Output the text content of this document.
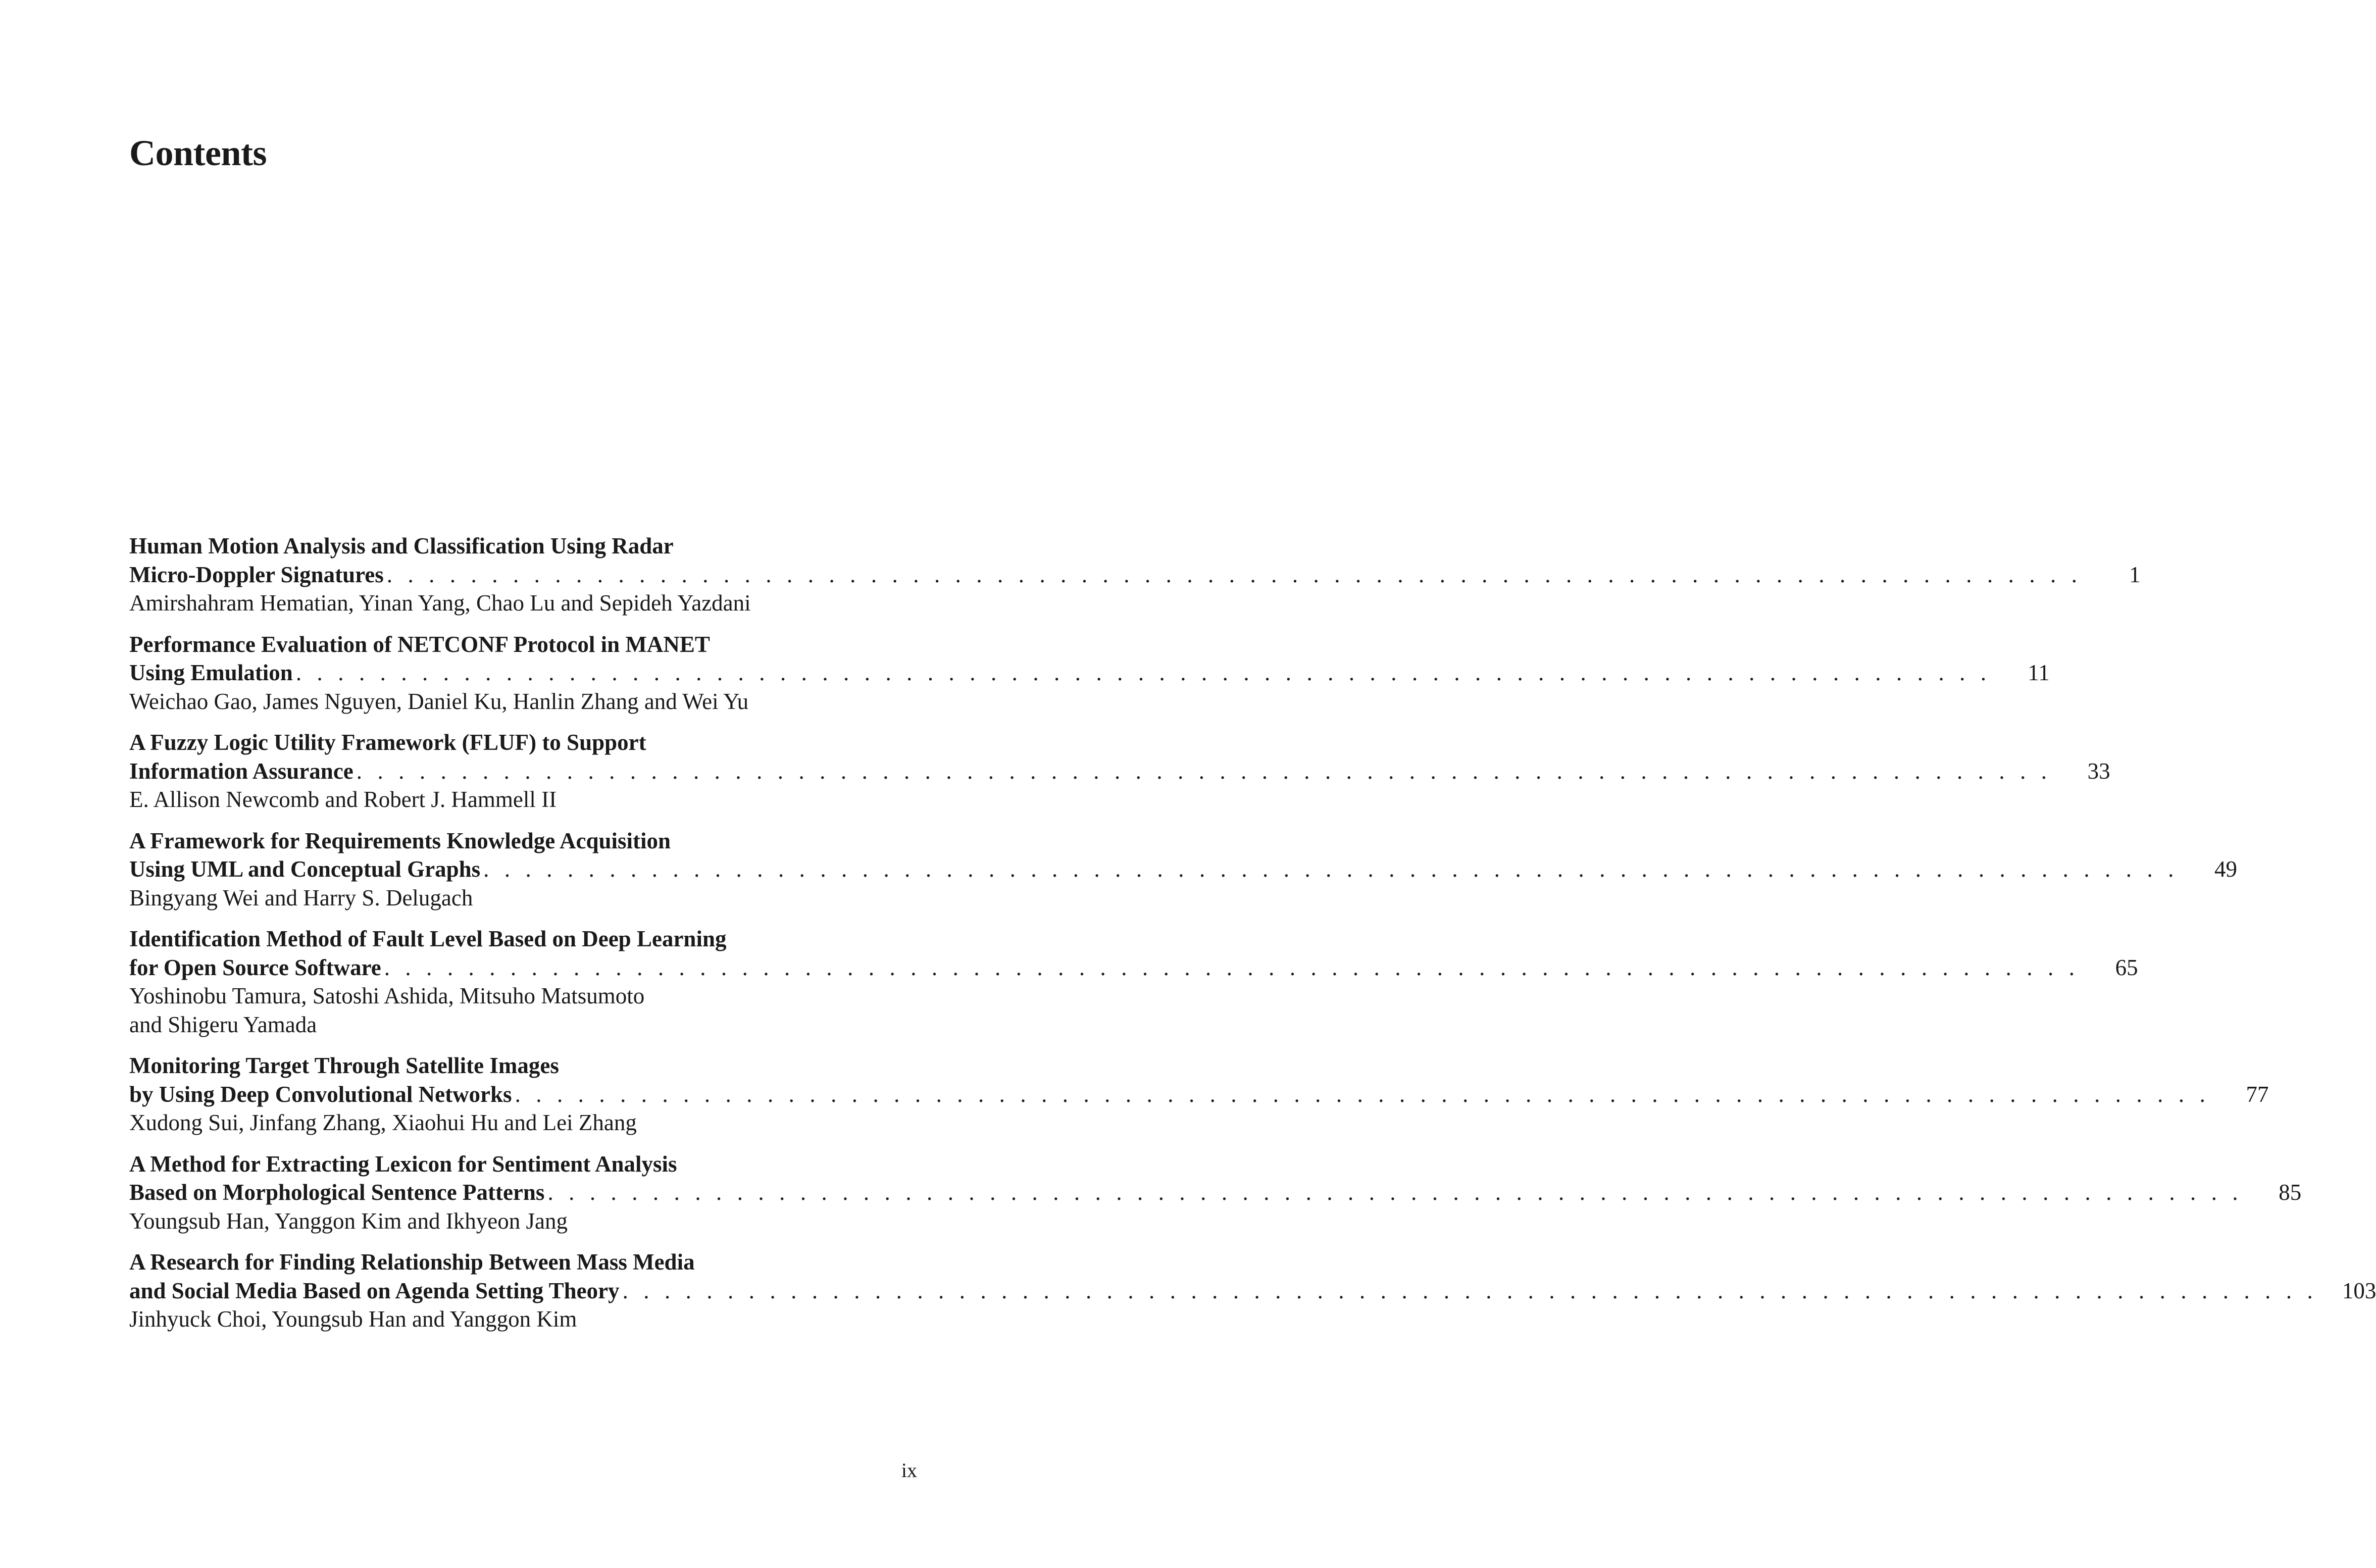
Contents
Human Motion Analysis and Classification Using Radar
Micro-Doppler Signatures . . . . . . . . . . . . . . . . . . . . . . . . . . . . . . . . . . . . . . . . . . . . . . . . . . . . . . . . . . . . . . . . . . . . . . . . . . . . . . . . .	1
Amirshahram Hematian, Yinan Yang, Chao Lu and Sepideh Yazdani
Performance Evaluation of NETCONF Protocol in MANET
Using Emulation . . . . . . . . . . . . . . . . . . . . . . . . . . . . . . . . . . . . . . . . . . . . . . . . . . . . . . . . . . . . . . . . . . . . . . . . . . . . . . . . .	11
Weichao Gao, James Nguyen, Daniel Ku, Hanlin Zhang and Wei Yu
A Fuzzy Logic Utility Framework (FLUF) to Support
Information Assurance . . . . . . . . . . . . . . . . . . . . . . . . . . . . . . . . . . . . . . . . . . . . . . . . . . . . . . . . . . . . . . . . . . . . . . . . . . . . . . . . .	33
E. Allison Newcomb and Robert J. Hammell II
A Framework for Requirements Knowledge Acquisition
Using UML and Conceptual Graphs . . . . . . . . . . . . . . . . . . . . . . . . . . . . . . . . . . . . . . . . . . . . . . . . . . . . . . . . . . . . . . . . . . . . . . . . . . . . . . . . .	49
Bingyang Wei and Harry S. Delugach
Identification Method of Fault Level Based on Deep Learning
for Open Source Software . . . . . . . . . . . . . . . . . . . . . . . . . . . . . . . . . . . . . . . . . . . . . . . . . . . . . . . . . . . . . . . . . . . . . . . . . . . . . . . . .	65
Yoshinobu Tamura, Satoshi Ashida, Mitsuho Matsumoto
and Shigeru Yamada
Monitoring Target Through Satellite Images
by Using Deep Convolutional Networks . . . . . . . . . . . . . . . . . . . . . . . . . . . . . . . . . . . . . . . . . . . . . . . . . . . . . . . . . . . . . . . . . . . . . . . . . . . . . . . . .	77
Xudong Sui, Jinfang Zhang, Xiaohui Hu and Lei Zhang
A Method for Extracting Lexicon for Sentiment Analysis
Based on Morphological Sentence Patterns . . . . . . . . . . . . . . . . . . . . . . . . . . . . . . . . . . . . . . . . . . . . . . . . . . . . . . . . . . . . . . . . . . . . . . . . . . . . . . . . .	85
Youngsub Han, Yanggon Kim and Ikhyeon Jang
A Research for Finding Relationship Between Mass Media
and Social Media Based on Agenda Setting Theory . . . . . . . . . . . . . . . . . . . . . . . . . . . . . . . . . . . . . . . . . . . . . . . . . . . . . . . . . . . . . . . . . . . . . . . . . . . . . . . . . 103
Jinhyuck Choi, Youngsub Han and Yanggon Kim
ix
